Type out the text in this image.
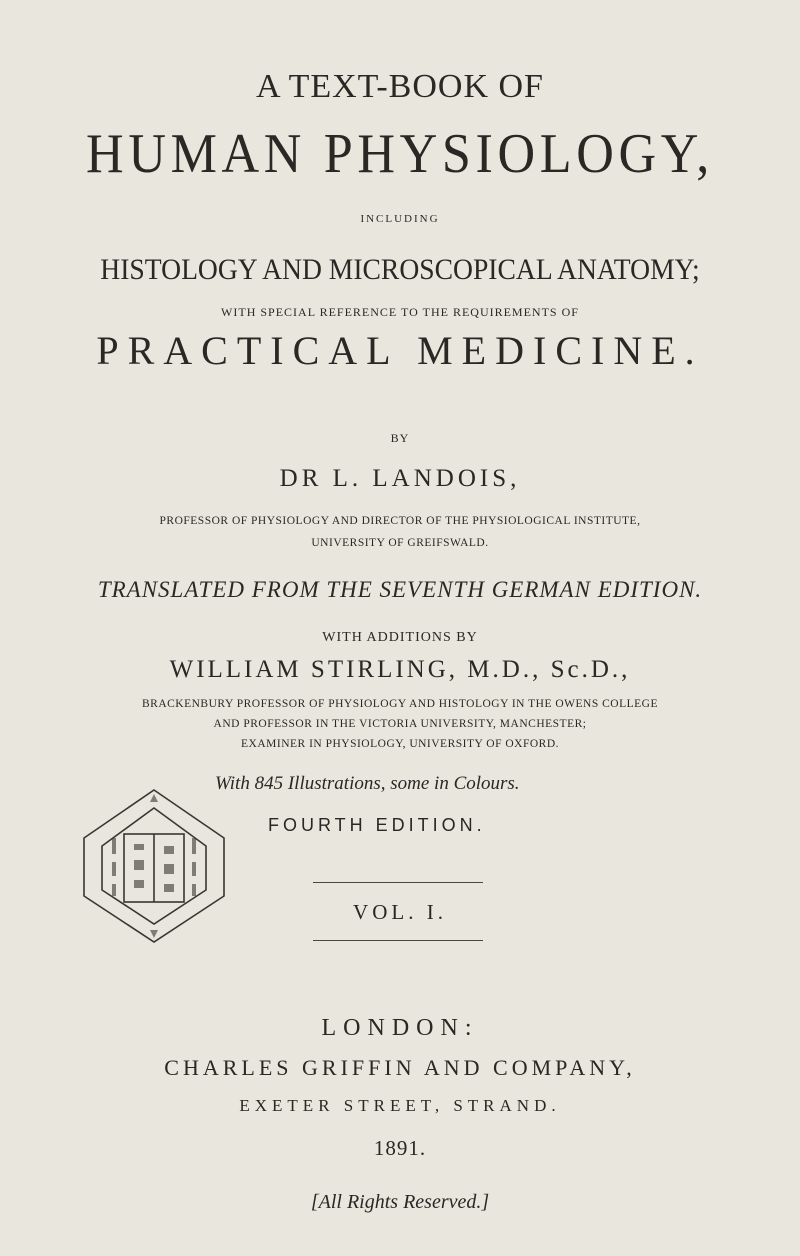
A TEXT-BOOK OF
HUMAN PHYSIOLOGY,
INCLUDING
HISTOLOGY AND MICROSCOPICAL ANATOMY;
WITH SPECIAL REFERENCE TO THE REQUIREMENTS OF
PRACTICAL MEDICINE.
BY
DR L. LANDOIS,
PROFESSOR OF PHYSIOLOGY AND DIRECTOR OF THE PHYSIOLOGICAL INSTITUTE,
UNIVERSITY OF GREIFSWALD.
TRANSLATED FROM THE SEVENTH GERMAN EDITION.
WITH ADDITIONS BY
WILLIAM STIRLING, M.D., Sc.D.,
BRACKENBURY PROFESSOR OF PHYSIOLOGY AND HISTOLOGY IN THE OWENS COLLEGE
AND PROFESSOR IN THE VICTORIA UNIVERSITY, MANCHESTER;
EXAMINER IN PHYSIOLOGY, UNIVERSITY OF OXFORD.
With 845 Illustrations, some in Colours.
FOURTH EDITION.
VOL. I.
LONDON:
CHARLES GRIFFIN AND COMPANY,
EXETER STREET, STRAND.
1891.
[All Rights Reserved.]
